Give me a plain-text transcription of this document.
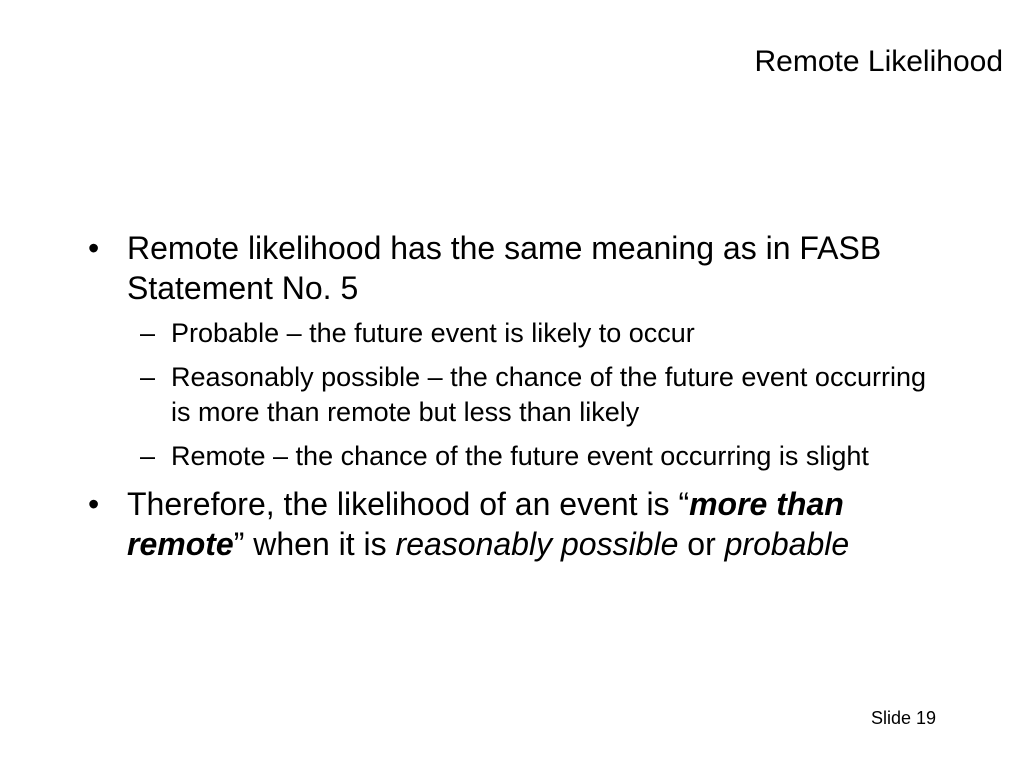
Remote Likelihood
• Remote likelihood has the same meaning as in FASB Statement No. 5
– Probable – the future event is likely to occur
– Reasonably possible – the chance of the future event occurring is more than remote but less than likely
– Remote – the chance of the future event occurring is slight
• Therefore, the likelihood of an event is “more than remote” when it is reasonably possible or probable
Slide 19
